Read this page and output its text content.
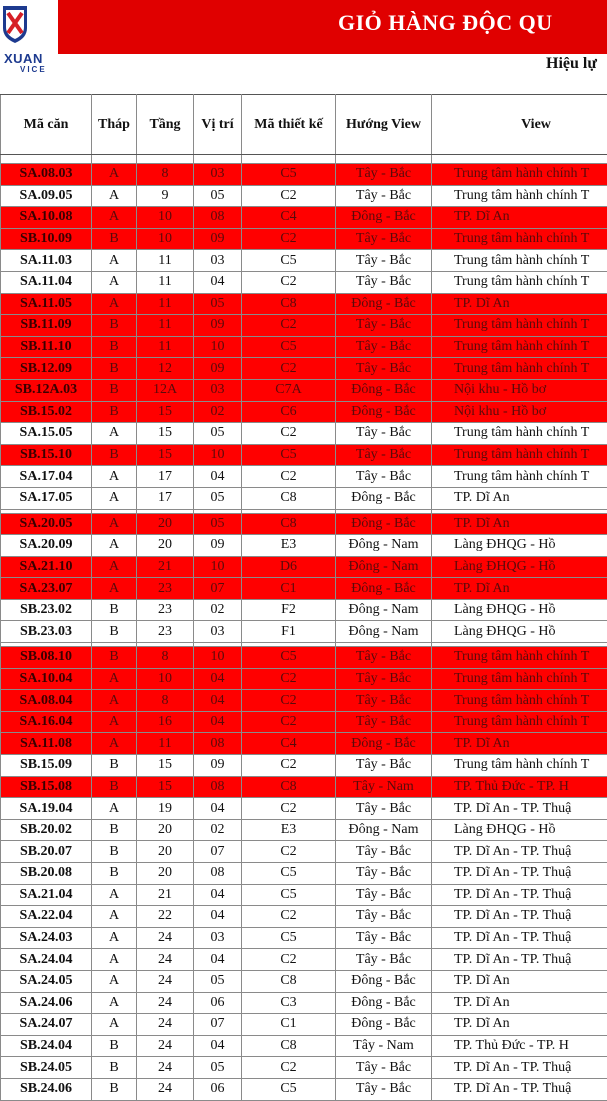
XUAN
VICE
GIỎ HÀNG ĐỘC QU
Hiệu lự
Mã căn	Tháp	Tầng	Vị trí	Mã thiết kế	Hướng View	View

SA.08.03	A	8	03	C5	Tây - Bắc	Trung tâm hành chính T
SA.09.05	A	9	05	C2	Tây - Bắc	Trung tâm hành chính T
SA.10.08	A	10	08	C4	Đông - Bắc	TP. Dĩ An
SB.10.09	B	10	09	C2	Tây - Bắc	Trung tâm hành chính T
SA.11.03	A	11	03	C5	Tây - Bắc	Trung tâm hành chính T
SA.11.04	A	11	04	C2	Tây - Bắc	Trung tâm hành chính T
SA.11.05	A	11	05	C8	Đông - Bắc	TP. Dĩ An
SB.11.09	B	11	09	C2	Tây - Bắc	Trung tâm hành chính T
SB.11.10	B	11	10	C5	Tây - Bắc	Trung tâm hành chính T
SB.12.09	B	12	09	C2	Tây - Bắc	Trung tâm hành chính T
SB.12A.03	B	12A	03	C7A	Đông - Bắc	Nội khu - Hồ bơ
SB.15.02	B	15	02	C6	Đông - Bắc	Nội khu - Hồ bơ
SA.15.05	A	15	05	C2	Tây - Bắc	Trung tâm hành chính T
SB.15.10	B	15	10	C5	Tây - Bắc	Trung tâm hành chính T
SA.17.04	A	17	04	C2	Tây - Bắc	Trung tâm hành chính T
SA.17.05	A	17	05	C8	Đông - Bắc	TP. Dĩ An

SA.20.05	A	20	05	C8	Đông - Bắc	TP. Dĩ An
SA.20.09	A	20	09	E3	Đông - Nam	Làng ĐHQG - Hồ
SA.21.10	A	21	10	D6	Đông - Nam	Làng ĐHQG - Hồ
SA.23.07	A	23	07	C1	Đông - Bắc	TP. Dĩ An
SB.23.02	B	23	02	F2	Đông - Nam	Làng ĐHQG - Hồ
SB.23.03	B	23	03	F1	Đông - Nam	Làng ĐHQG - Hồ

SB.08.10	B	8	10	C5	Tây - Bắc	Trung tâm hành chính T
SA.10.04	A	10	04	C2	Tây - Bắc	Trung tâm hành chính T
SA.08.04	A	8	04	C2	Tây - Bắc	Trung tâm hành chính T
SA.16.04	A	16	04	C2	Tây - Bắc	Trung tâm hành chính T
SA.11.08	A	11	08	C4	Đông - Bắc	TP. Dĩ An
SB.15.09	B	15	09	C2	Tây - Bắc	Trung tâm hành chính T
SB.15.08	B	15	08	C8	Tây - Nam	TP. Thủ Đức - TP. H
SA.19.04	A	19	04	C2	Tây - Bắc	TP. Dĩ An - TP. Thuậ
SB.20.02	B	20	02	E3	Đông - Nam	Làng ĐHQG - Hồ
SB.20.07	B	20	07	C2	Tây - Bắc	TP. Dĩ An - TP. Thuậ
SB.20.08	B	20	08	C5	Tây - Bắc	TP. Dĩ An - TP. Thuậ
SA.21.04	A	21	04	C5	Tây - Bắc	TP. Dĩ An - TP. Thuậ
SA.22.04	A	22	04	C2	Tây - Bắc	TP. Dĩ An - TP. Thuậ
SA.24.03	A	24	03	C5	Tây - Bắc	TP. Dĩ An - TP. Thuậ
SA.24.04	A	24	04	C2	Tây - Bắc	TP. Dĩ An - TP. Thuậ
SA.24.05	A	24	05	C8	Đông - Bắc	TP. Dĩ An
SA.24.06	A	24	06	C3	Đông - Bắc	TP. Dĩ An
SA.24.07	A	24	07	C1	Đông - Bắc	TP. Dĩ An
SB.24.04	B	24	04	C8	Tây - Nam	TP. Thủ Đức - TP. H
SB.24.05	B	24	05	C2	Tây - Bắc	TP. Dĩ An - TP. Thuậ
SB.24.06	B	24	06	C5	Tây - Bắc	TP. Dĩ An - TP. Thuậ
